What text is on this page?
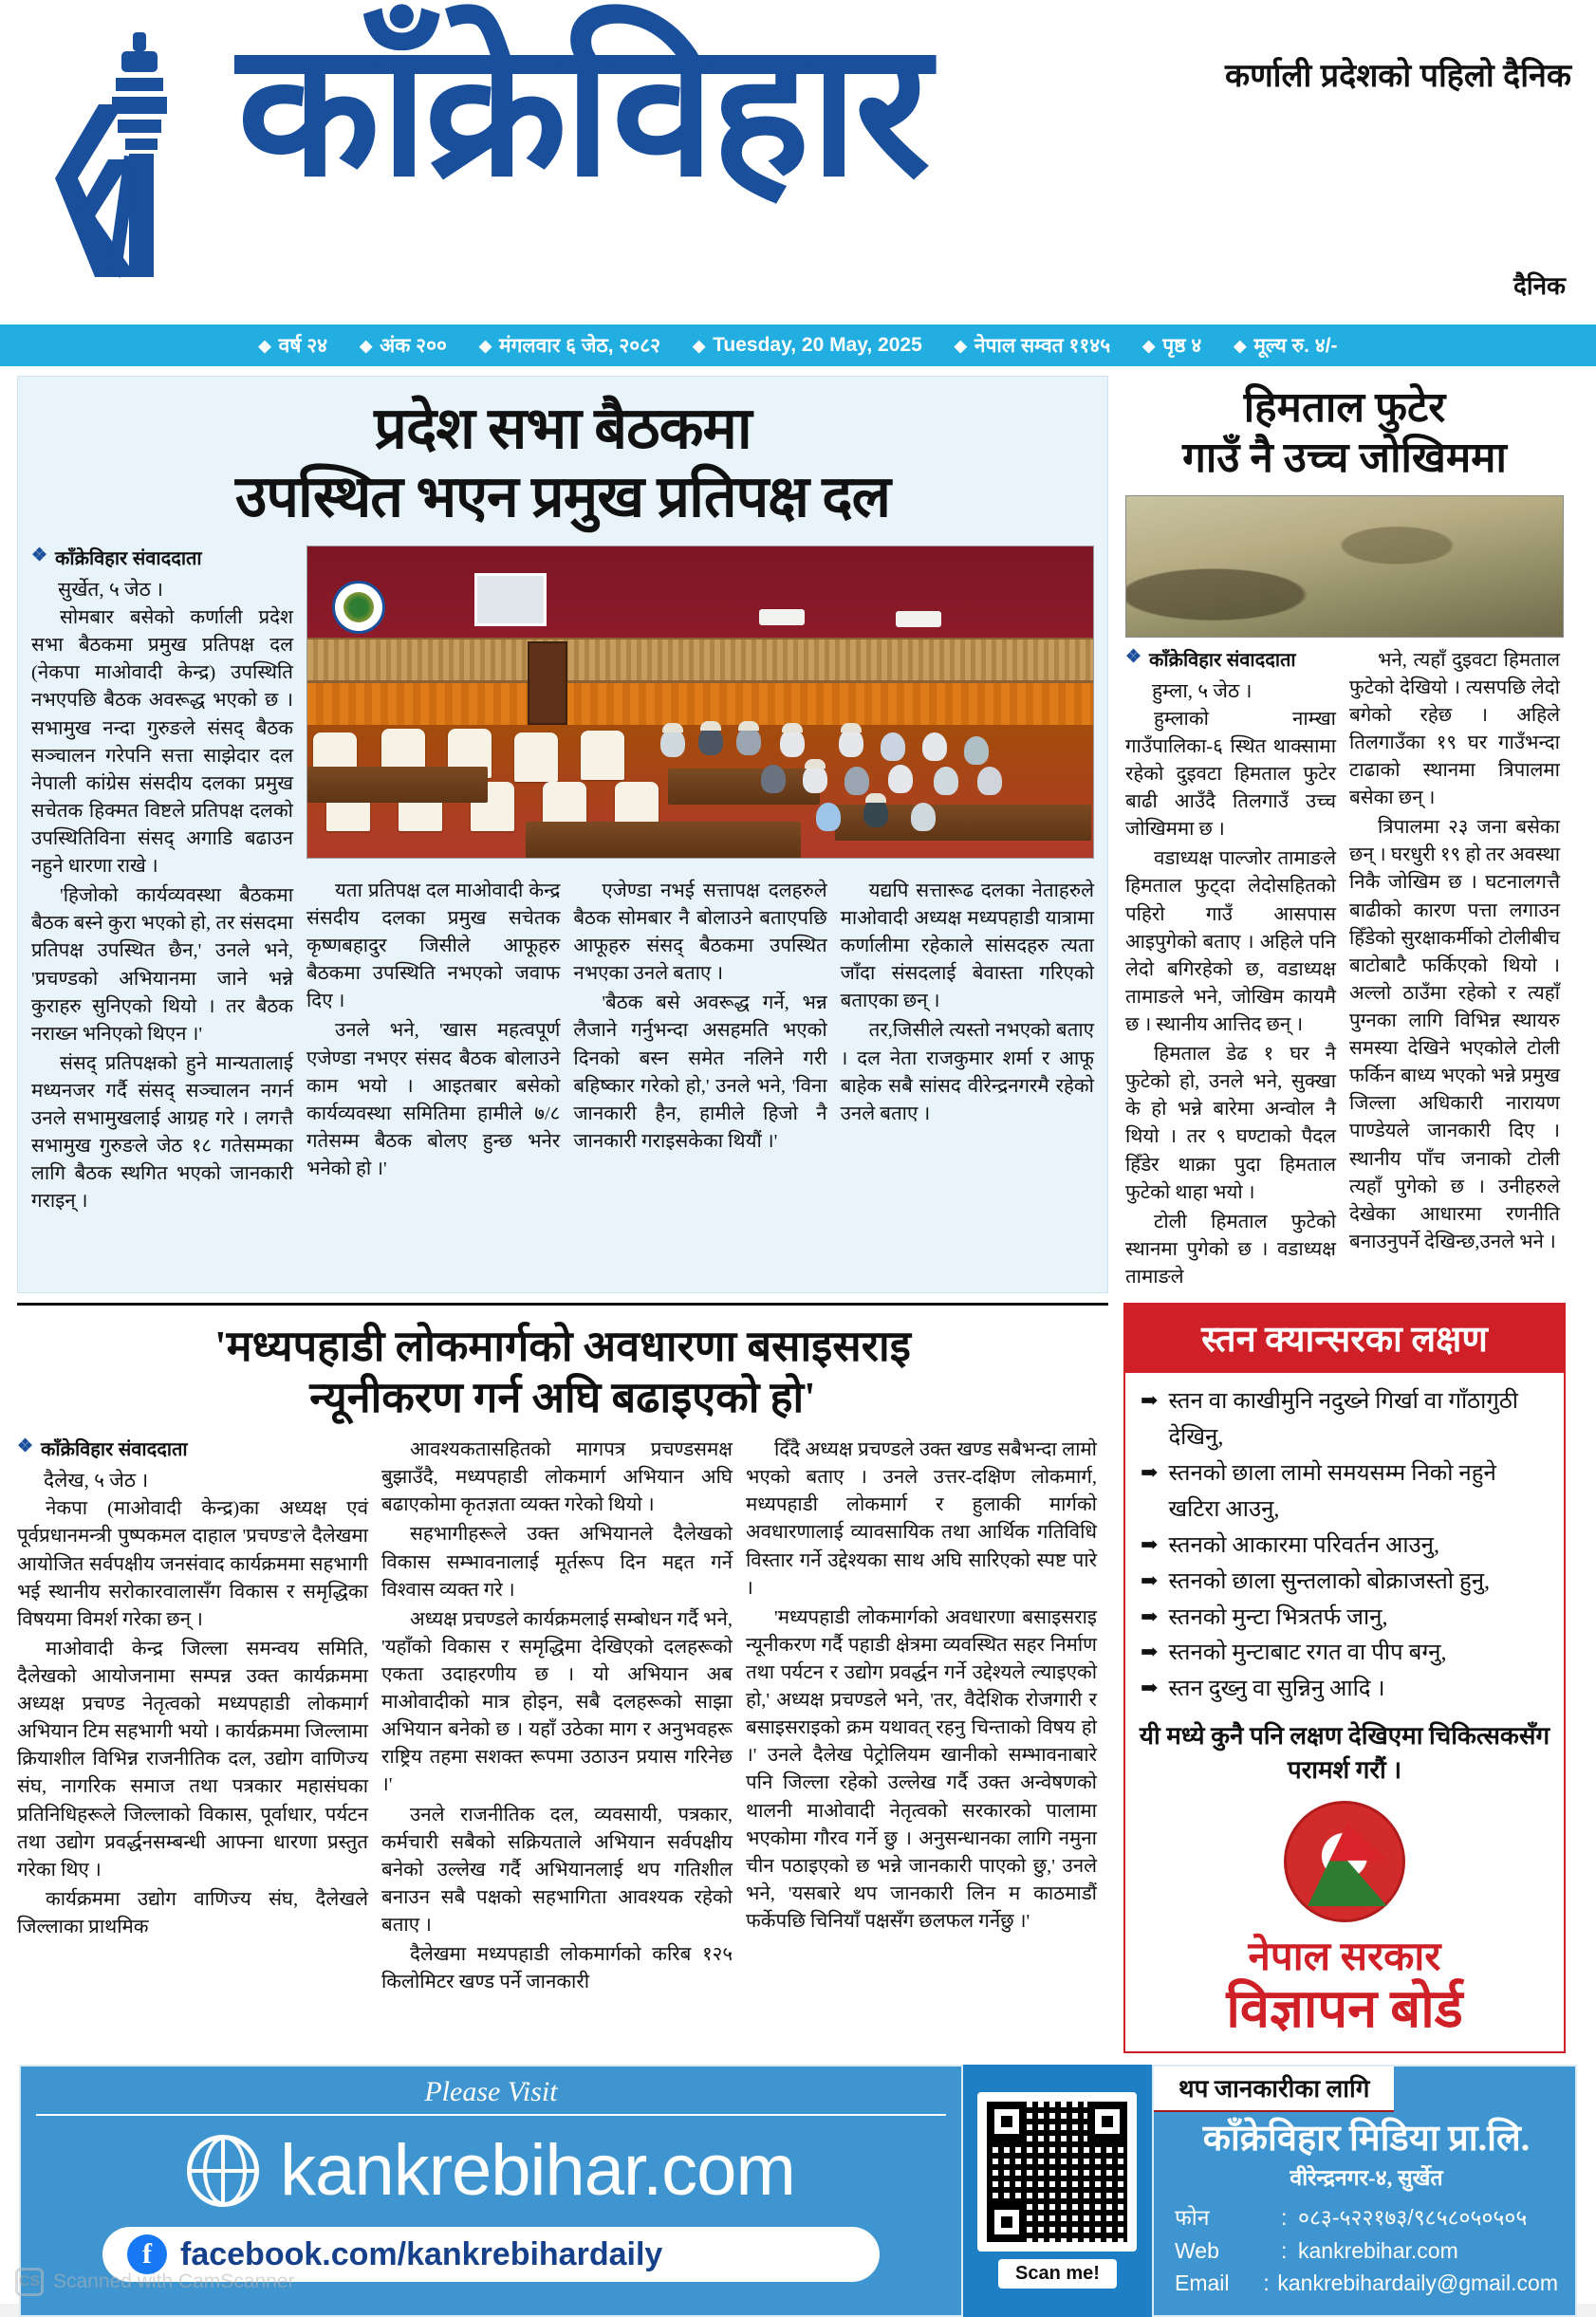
काँक्रेविहार	कर्णाली प्रदेशको पहिलो दैनिक
दैनिक
◆ वर्ष २४ ◆ अंक २०० ◆ मंगलवार ६ जेठ, २०८२ ◆ Tuesday, 20 May, 2025 ◆ नेपाल सम्वत ११४५ ◆ पृष्ठ ४ ◆ मूल्य रु. ४/-
प्रदेश सभा बैठकमा
उपस्थित भएन प्रमुख प्रतिपक्ष दल
❖ काँक्रेविहार संवाददाता
सुर्खेत, ५ जेठ ।

सोमबार बसेको कर्णाली प्रदेश सभा बैठकमा प्रमुख प्रतिपक्ष दल (नेकपा माओवादी केन्द्र) उपस्थिति नभएपछि बैठक अवरूद्ध भएको छ । सभामुख नन्दा गुरुङले संसद् बैठक सञ्चालन गरेपनि सत्ता साझेदार दल नेपाली कांग्रेस संसदीय दलका प्रमुख सचेतक हिक्मत विष्टले प्रतिपक्ष दलको उपस्थितिविना संसद् अगाडि बढाउन नहुने धारणा राखे ।

'हिजोको कार्यव्यवस्था बैठकमा बैठक बस्ने कुरा भएको हो, तर संसदमा प्रतिपक्ष उपस्थित छैन,' उनले भने, 'प्रचण्डको अभियानमा जाने भन्ने कुराहरु सुनिएको थियो । तर बैठक नराख्न भनिएको थिएन ।'

संसद् प्रतिपक्षको हुने मान्यतालाई मध्यनजर गर्दै संसद् सञ्चालन नगर्न उनले सभामुखलाई आग्रह गरे । लगत्तै सभामुख गुरुङले जेठ १८ गतेसम्मका लागि बैठक स्थगित भएको जानकारी गराइन् ।

यता प्रतिपक्ष दल माओवादी केन्द्र संसदीय दलका प्रमुख सचेतक कृष्णबहादुर जिसीले आफूहरु बैठकमा उपस्थिति नभएको जवाफ दिए ।

उनले भने, 'खास महत्वपूर्ण एजेण्डा नभएर संसद बैठक बोलाउने काम भयो । आइतबार बसेको कार्यव्यवस्था समितिमा हामीले ७/८ गतेसम्म बैठक बोलए हुन्छ भनेर भनेको हो ।'

एजेण्डा नभई सत्तापक्ष दलहरुले बैठक सोमबार नै बोलाउने बताएपछि आफूहरु संसद् बैठकमा उपस्थित नभएका उनले बताए ।

'बैठक बसे अवरूद्ध गर्ने, भन्न लैजाने गर्नुभन्दा असहमति भएको दिनको बस्न समेत नलिने गरी बहिष्कार गरेको हो,' उनले भने, 'विना जानकारी हैन, हामीले हिजो नै जानकारी गराइसकेका थियौं ।'

यद्यपि सत्तारूढ दलका नेताहरुले माओवादी अध्यक्ष मध्यपहाडी यात्रामा कर्णालीमा रहेकाले सांसदहरु त्यता जाँदा संसदलाई बेवास्ता गरिएको बताएका छन् ।

तर,जिसीले त्यस्तो नभएको बताए । दल नेता राजकुमार शर्मा र आफू बाहेक सबै सांसद वीरेन्द्रनगरमै रहेको उनले बताए ।

हिमताल फुटेर
गाउँ नै उच्च जोखिममा
❖ काँक्रेविहार संवाददाता
हुम्ला, ५ जेठ ।

हुम्लाको नाम्खा गाउँपालिका-६ स्थित थाक्सामा रहेको दुइवटा हिमताल फुटेर बाढी आउँदै तिलगाउँ उच्च जोखिममा छ ।

वडाध्यक्ष पाल्जोर तामाङले हिमताल फुट्दा लेदोसहितको पहिरो गाउँ आसपास आइपुगेको बताए । अहिले पनि लेदो बगिरहेको छ, वडाध्यक्ष तामाङले भने, जोखिम कायमै छ । स्थानीय आत्तिद छन् ।

हिमताल डेढ १ घर नै फुटेको हो, उनले भने, सुक्खा के हो भन्ने बारेमा अन्वोल नै थियो । तर ९ घण्टाको पैदल हिँडेर थाक्रा पुदा हिमताल फुटेको थाहा भयो ।

टोली हिमताल फुटेको स्थानमा पुगेको छ । वडाध्यक्ष तामाङले

भने, त्यहाँ दुइवटा हिमताल फुटेको देखियो । त्यसपछि लेदो बगेको रहेछ । अहिले तिलगाउँका १९ घर गाउँभन्दा टाढाको स्थानमा त्रिपालमा बसेका छन् ।

त्रिपालमा २३ जना बसेका छन् । घरधुरी १९ हो तर अवस्था निकै जोखिम छ । घटनालगत्तै बाढीको कारण पत्ता लगाउन हिँडेको सुरक्षाकर्मीको टोलीबीच बाटोबाटै फर्किएको थियो । अल्लो ठाउँमा रहेको र त्यहाँ पुग्नका लागि विभिन्न स्थायरु समस्या देखिने भएकोले टोली फर्किन बाध्य भएको भन्ने प्रमुख जिल्ला अधिकारी नारायण पाण्डेयले जानकारी दिए । स्थानीय पाँच जनाको टोली त्यहाँ पुगेको छ । उनीहरुले देखेका आधारमा रणनीति बनाउनुपर्ने देखिन्छ,उनले भने ।

'मध्यपहाडी लोकमार्गको अवधारणा बसाइसराइ
न्यूनीकरण गर्न अघि बढाइएको हो'
❖ काँक्रेविहार संवाददाता
दैलेख, ५ जेठ ।

नेकपा (माओवादी केन्द्र)का अध्यक्ष एवं पूर्वप्रधानमन्त्री पुष्पकमल दाहाल 'प्रचण्ड'ले दैलेखमा आयोजित सर्वपक्षीय जनसंवाद कार्यक्रममा सहभागी भई स्थानीय सरोकारवालासँग विकास र समृद्धिका विषयमा विमर्श गरेका छन् ।

माओवादी केन्द्र जिल्ला समन्वय समिति, दैलेखको आयोजनामा सम्पन्न उक्त कार्यक्रममा अध्यक्ष प्रचण्ड नेतृत्वको मध्यपहाडी लोकमार्ग अभियान टिम सहभागी भयो । कार्यक्रममा जिल्लामा क्रियाशील विभिन्न राजनीतिक दल, उद्योग वाणिज्य संघ, नागरिक समाज तथा पत्रकार महासंघका प्रतिनिधिहरूले जिल्लाको विकास, पूर्वाधार, पर्यटन तथा उद्योग प्रवर्द्धनसम्बन्धी आफ्ना धारणा प्रस्तुत गरेका थिए ।

कार्यक्रममा उद्योग वाणिज्य संघ, दैलेखले जिल्लाका प्राथमिक

आवश्यकतासहितको मागपत्र प्रचण्डसमक्ष बुझाउँदै, मध्यपहाडी लोकमार्ग अभियान अघि बढाएकोमा कृतज्ञता व्यक्त गरेको थियो ।

सहभागीहरूले उक्त अभियानले दैलेखको विकास सम्भावनालाई मूर्तरूप दिन मद्दत गर्ने विश्वास व्यक्त गरे ।

अध्यक्ष प्रचण्डले कार्यक्रमलाई सम्बोधन गर्दै भने, 'यहाँको विकास र समृद्धिमा देखिएको दलहरूको एकता उदाहरणीय छ । यो अभियान अब माओवादीको मात्र होइन, सबै दलहरूको साझा अभियान बनेको छ । यहाँ उठेका माग र अनुभवहरू राष्ट्रिय तहमा सशक्त रूपमा उठाउन प्रयास गरिनेछ ।'

उनले राजनीतिक दल, व्यवसायी, पत्रकार, कर्मचारी सबैको सक्रियताले अभियान सर्वपक्षीय बनेको उल्लेख गर्दै अभियानलाई थप गतिशील बनाउन सबै पक्षको सहभागिता आवश्यक रहेको बताए ।

दैलेखमा मध्यपहाडी लोकमार्गको करिब १२५ किलोमिटर खण्ड पर्ने जानकारी

दिँदै अध्यक्ष प्रचण्डले उक्त खण्ड सबैभन्दा लामो भएको बताए । उनले उत्तर-दक्षिण लोकमार्ग, मध्यपहाडी लोकमार्ग र हुलाकी मार्गको अवधारणालाई व्यावसायिक तथा आर्थिक गतिविधि विस्तार गर्ने उद्देश्यका साथ अघि सारिएको स्पष्ट पारे ।

'मध्यपहाडी लोकमार्गको अवधारणा बसाइसराइ न्यूनीकरण गर्दै पहाडी क्षेत्रमा व्यवस्थित सहर निर्माण तथा पर्यटन र उद्योग प्रवर्द्धन गर्ने उद्देश्यले ल्याइएको हो,' अध्यक्ष प्रचण्डले भने, 'तर, वैदेशिक रोजगारी र बसाइसराइको क्रम यथावत् रहनु चिन्ताको विषय हो ।' उनले दैलेख पेट्रोलियम खानीको सम्भावनाबारे पनि जिल्ला रहेको उल्लेख गर्दै उक्त अन्वेषणको थालनी माओवादी नेतृत्वको सरकारको पालामा भएकोमा गौरव गर्ने छु । अनुसन्धानका लागि नमुना चीन पठाइएको छ भन्ने जानकारी पाएको छु,' उनले भने, 'यसबारे थप जानकारी लिन म काठमाडौं फर्केपछि चिनियाँ पक्षसँग छलफल गर्नेछु ।'

स्तन क्यान्सरका लक्षण
➡ स्तन वा काखीमुनि नदुख्ने गिर्खा वा गाँठागुठी देखिनु,
➡ स्तनको छाला लामो समयसम्म निको नहुने खटिरा आउनु,
➡ स्तनको आकारमा परिवर्तन आउनु,
➡ स्तनको छाला सुन्तलाको बोक्राजस्तो हुनु,
➡ स्तनको मुन्टा भित्रतर्फ जानु,
➡ स्तनको मुन्टाबाट रगत वा पीप बग्नु,
➡ स्तन दुख्नु वा सुन्निनु आदि ।
यी मध्ये कुनै पनि लक्षण देखिएमा चिकित्सकसँग परामर्श गरौं ।
नेपाल सरकार
विज्ञापन बोर्ड
Please Visit
kankrebihar.com
f facebook.com/kankrebihardaily
Scan me!
थप जानकारीका लागि
काँक्रेविहार मिडिया प्रा.लि.
वीरेन्द्रनगर-४, सुर्खेत
फोन	: ०८३-५२२१७३/९८५८०५०५०५
Web	: kankrebihar.com
Email	: kankrebihardaily@gmail.com
CS Scanned with CamScanner
